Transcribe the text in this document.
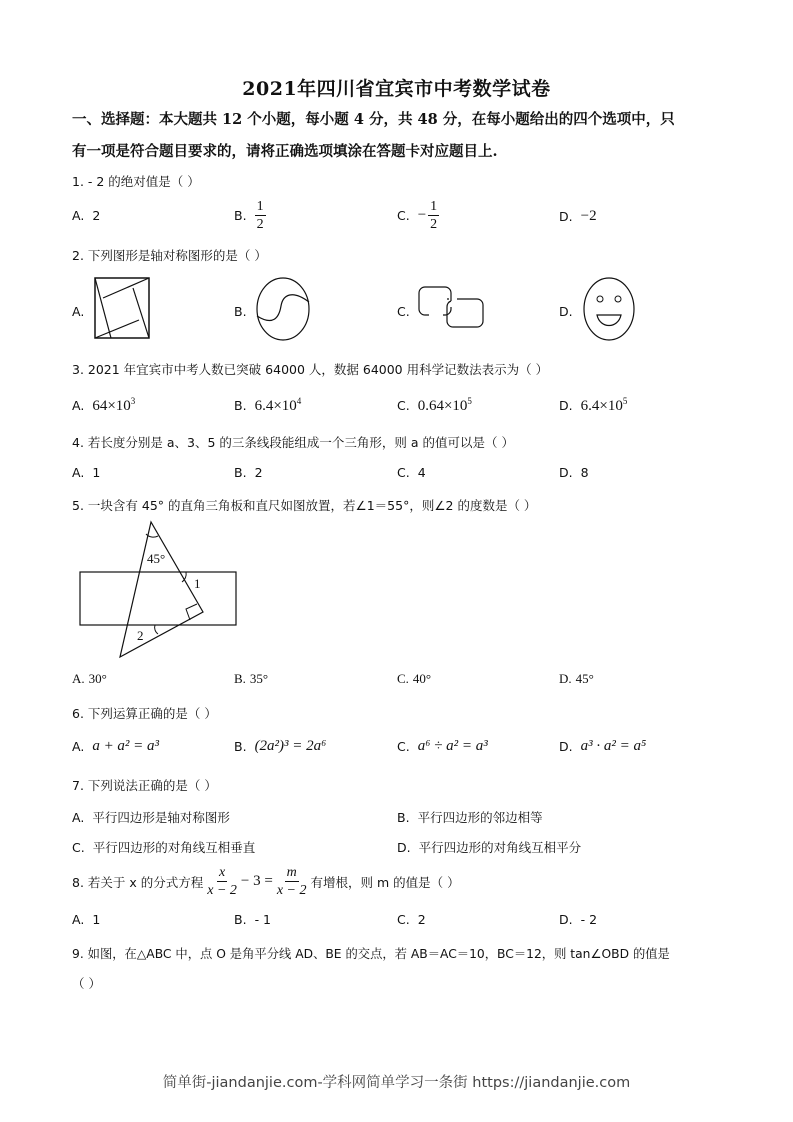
2021年四川省宜宾市中考数学试卷
一、选择题：本大题共 12 个小题，每小题 4 分，共 48 分，在每小题给出的四个选项中，只
有一项是符合题目要求的，请将正确选项填涂在答题卡对应题目上.
1. - 2 的绝对值是（ ）
A. 2	B. $\frac{1}{2}$	C. − $\frac{1}{2}$	D. −2
2. 下列图形是轴对称图形的是（ ）
A.	B.	C.	D.
3. 2021 年宜宾市中考人数已突破 64000 人，数据 64000 用科学记数法表示为（ ）
A. $64\times 10^3$	B. $6.4\times 10^4$	C. $0.64\times 10^5$	D. $6.4\times 10^5$
4. 若长度分别是 a、3、5 的三条线段能组成一个三角形，则 a 的值可以是（ ）
A. 1	B. 2	C. 4	D. 8
5. 一块含有 45° 的直角三角板和直尺如图放置，若∠1＝55°，则∠2 的度数是（ ）
45°
1
2
A. 30°	B. 35°	C. 40°	D. 45°
6. 下列运算正确的是（ ）
A. a + a² = a³	B. (2a²)³ = 2a⁶	C. a⁶ ÷ a² = a³	D. a³ · a² = a⁵
7. 下列说法正确的是（ ）
A. 平行四边形是轴对称图形	B. 平行四边形的邻边相等
C. 平行四边形的对角线互相垂直	D. 平行四边形的对角线互相平分
8. 若关于 x 的分式方程 $\frac{x}{x - 2} - 3 = \frac{m}{x - 2}$ 有增根，则 m 的值是（ ）
A. 1	B. - 1	C. 2	D. - 2
9. 如图，在△ABC 中，点 O 是角平分线 AD、BE 的交点，若 AB＝AC＝10，BC＝12，则 tan∠OBD 的值是
（ ）
简单街-jiandanjie.com-学科网简单学习一条街 https://jiandanjie.com
